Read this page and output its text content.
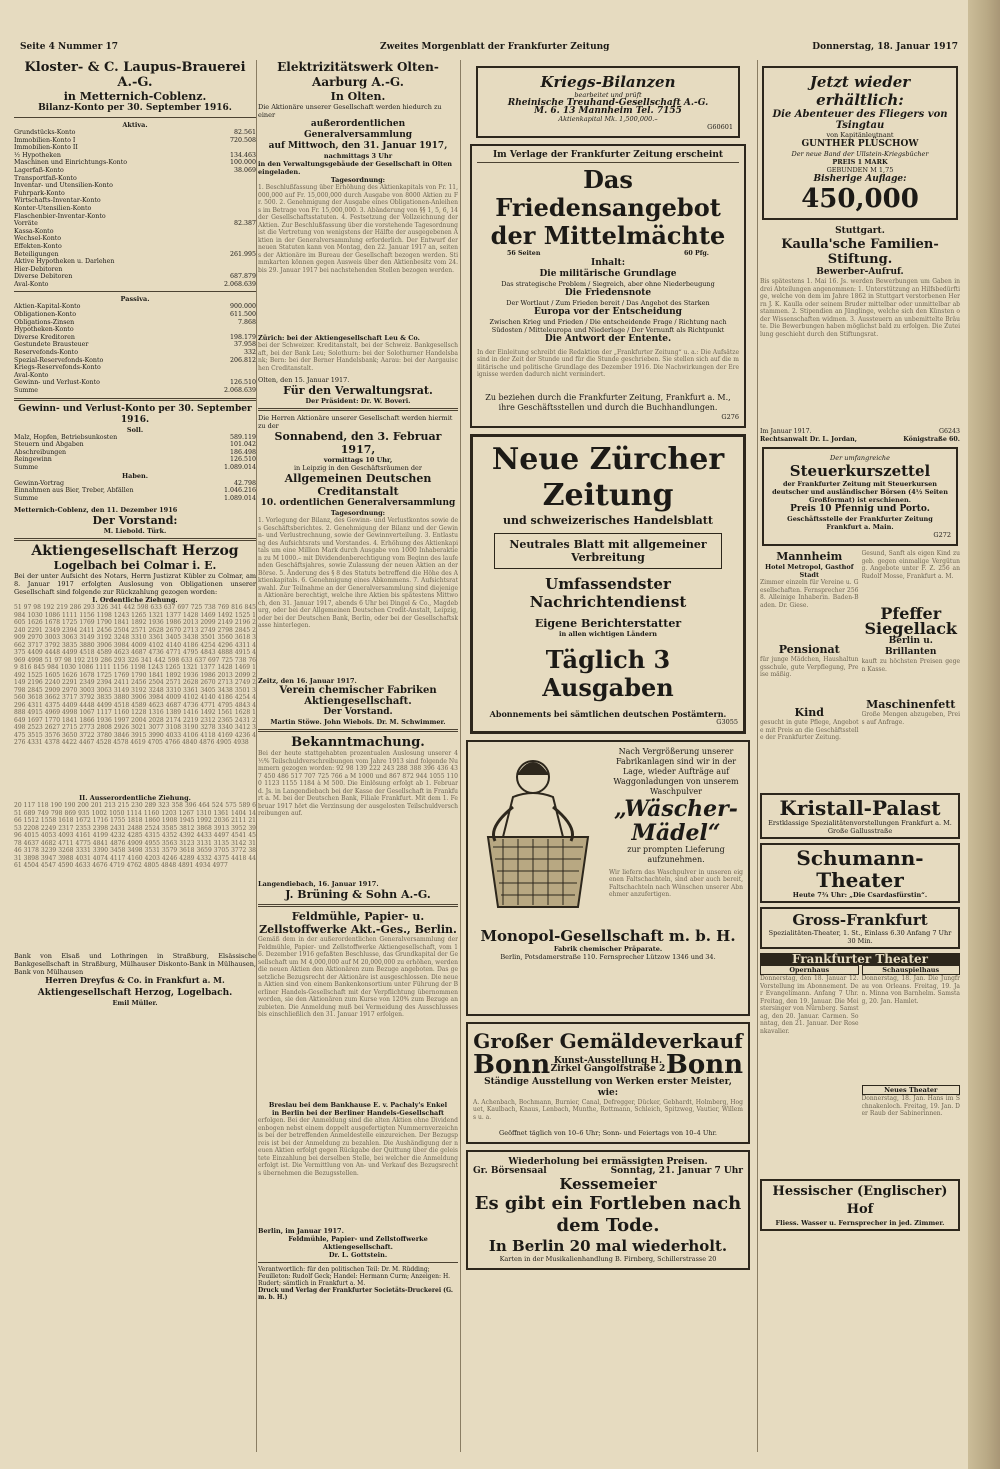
Seite 4 Nummer 17	Zweites Morgenblatt der Frankfurter Zeitung	Donnerstag, 18. Januar 1917
Kloster- & C. Laupus-Brauerei A.-G.
in Metternich-Coblenz.
Bilanz-Konto per 30. September 1916.
Aktiva.
Grundstücks-Konto	82.561
Immobilien-Konto I	720.508
Immobilien-Konto II
½ Hypotheken	134.463
Maschinen und Einrichtungs-Konto	100.000
Lagerfaß-Konto	38.069
Transportfaß-Konto
Inventar- und Utensilien-Konto
Fuhrpark-Konto
Wirtschafts-Inventar-Konto
Konter-Utensilien-Konto
Flaschenbier-Inventar-Konto
Vorräte	82.387
Kassa-Konto
Wechsel-Konto
Effekten-Konto
Beteiligungen	261.995
Aktive Hypotheken u. Darlehen
Hier-Debitoren
Diverse Debitoren	687.879
Aval-Konto	2.068.639
Passiva.
Aktien-Kapital-Konto	900.000
Obligationen-Konto	611.500
Obligations-Zinsen	7.868
Hypotheken-Konto
Diverse Kreditoren	198.179
Gestundete Brausteuer	37.958
Reservefonds-Konto	332
Spezial-Reservefonds-Konto	206.812
Kriegs-Reservefonds-Konto
Aval-Konto
Gewinn- und Verlust-Konto	126.510
Summe	2.068.639
Gewinn- und Verlust-Konto per 30. September 1916.
Soll.
Malz, Hopfen, Betriebsunkosten	589.119
Steuern und Abgaben	101.042
Abschreibungen	186.498
Reingewinn	126.510
Summe	1.089.014
Haben.
Gewinn-Vortrag	42.798
Einnahmen aus Bier, Treber, Abfällen	1.046.216
Summe	1.089.014
Metternich-Coblenz, den 11. Dezember 1916
Der Vorstand:
M. Liebold. Türk.
Aktiengesellschaft Herzog
Logelbach bei Colmar i. E.
Bei der unter Aufsicht des Notars, Herrn Justizrat Kübler zu Colmar, am 8. Januar 1917 erfolgten Auslosung von Obligationen unserer Gesellschaft sind folgende zur Rückzahlung gezogen worden:
I. Ordentliche Ziehung.
51 97 98 192 219 286 293 326 341 442 598 633 637 697 725 738 769 816 845 984 1030 1086 1111 1156 1198 1243 1265 1321 1377 1428 1469 1492 1525 1605 1626 1678 1725 1769 1790 1841 1892 1936 1986 2013 2099 2149 2196 2240 2291 2349 2394 2411 2456 2504 2571 2628 2670 2713 2749 2798 2845 2909 2970 3003 3063 3149 3192 3248 3310 3361 3405 3438 3501 3560 3618 3662 3717 3792 3835 3880 3906 3984 4009 4102 4140 4186 4254 4296 4311 4375 4409 4448 4499 4518 4589 4623 4687 4736 4771 4795 4843 4888 4915 4969 4998 51 97 98 192 219 286 293 326 341 442 598 633 637 697 725 738 769 816 845 984 1030 1086 1111 1156 1198 1243 1265 1321 1377 1428 1469 1492 1525 1605 1626 1678 1725 1769 1790 1841 1892 1936 1986 2013 2099 2149 2196 2240 2291 2349 2394 2411 2456 2504 2571 2628 2670 2713 2749 2798 2845 2909 2970 3003 3063 3149 3192 3248 3310 3361 3405 3438 3501 3560 3618 3662 3717 3792 3835 3880 3906 3984 4009 4102 4140 4186 4254 4296 4311 4375 4409 4448 4499 4518 4589 4623 4687 4736 4771 4795 4843 4888 4915 4969 4998 1067 1117 1160 1228 1316 1389 1416 1492 1561 1628 1649 1697 1770 1841 1866 1936 1997 2004 2028 2174 2219 2312 2365 2431 2498 2523 2627 2715 2773 2808 2926 3021 3077 3108 3190 3278 3340 3412 3475 3515 3576 3650 3722 3780 3846 3915 3990 4033 4106 4118 4169 4236 4276 4331 4378 4422 4467 4528 4578 4619 4705 4766 4840 4876 4905 4938
II. Ausserordentliche Ziehung.
20 117 118 190 190 200 201 213 215 230 289 323 358 396 464 524 575 589 651 689 749 798 869 935 1002 1050 1114 1160 1203 1267 1310 1361 1404 1466 1512 1558 1618 1672 1716 1755 1818 1860 1908 1945 1992 2036 2111 2153 2208 2249 2317 2353 2398 2431 2488 2524 3585 3812 3868 3913 3952 3996 4015 4053 4093 4161 4199 4232 4285 4315 4352 4392 4433 4497 4541 4578 4637 4682 4711 4775 4841 4876 4909 4955 3563 3123 3131 3135 3142 3146 3178 3239 3268 3331 3390 3458 3498 3531 3579 3618 3659 3705 3772 3831 3898 3947 3988 4031 4074 4117 4160 4203 4246 4289 4332 4375 4418 4461 4504 4547 4590 4633 4676 4719 4762 4805 4848 4891 4934 4977
Bank von Elsaß und Lothringen in Straßburg, Elsässische Bankgesellschaft in Straßburg, Mülhauser Diskonto-Bank in Mülhausen, Bank von Mülhausen
Herren Dreyfus & Co. in Frankfurt a. M.
Aktiengesellschaft Herzog, Logelbach.
Emil Müller.
Elektrizitätswerk Olten-Aarburg A.-G.
In Olten.
Die Aktionäre unserer Gesellschaft werden hiedurch zu einer
außerordentlichen Generalversammlung
auf Mittwoch, den 31. Januar 1917,
nachmittags 3 Uhr
in den Verwaltungsgebäude der Gesellschaft in Olten eingeladen.
Tagesordnung:
1. Beschlußfassung über Erhöhung des Aktienkapitals von Fr. 11,000,000 auf Fr. 15,000,000 durch Ausgabe von 8000 Aktien zu Fr. 500. 2. Genehmigung der Ausgabe eines Obligationen-Anleihens im Betrage von Fr. 15,000,000. 3. Abänderung von §§ 1, 5, 6, 14 der Gesellschaftsstatuten. 4. Festsetzung der Vollzeichnung der Aktien. Zur Beschlußfassung über die vorstehende Tagesordnung ist die Vertretung von wenigstens der Hälfte der ausgegebenen Aktien in der Generalversammlung erforderlich. Der Entwurf der neuen Statuten kann von Montag, den 22. Januar 1917 an, seitens der Aktionäre im Bureau der Gesellschaft bezogen werden. Stimmkarten können gegen Ausweis über den Aktienbesitz vom 24. bis 29. Januar 1917 bei nachstehenden Stellen bezogen werden.
Zürich: bei der Aktiengesellschaft Leu & Co.
bei der Schweizer. Kreditanstalt, bei der Schweiz. Bankgesellschaft, bei der Bank Leu; Solothurn: bei der Solothurner Handelsbank; Bern: bei der Berner Handelsbank; Aarau: bei der Aargauischen Creditanstalt.
Olten, den 15. Januar 1917.
Für den Verwaltungsrat.
Der Präsident: Dr. W. Boveri.
Die Herren Aktionäre unserer Gesellschaft werden hiermit zu der
Sonnabend, den 3. Februar 1917,
vormittags 10 Uhr,
in Leipzig in den Geschäftsräumen der
Allgemeinen Deutschen Creditanstalt
10. ordentlichen Generalversammlung
Tagesordnung:
1. Vorlegung der Bilanz, des Gewinn- und Verlustkontos sowie des Geschäftsberichtes. 2. Genehmigung der Bilanz und der Gewinn- und Verlustrechnung, sowie der Gewinnverteilung. 3. Entlastung des Aufsichtsrats und Vorstandes. 4. Erhöhung des Aktienkapitals um eine Million Mark durch Ausgabe von 1000 Inhaberaktien zu M 1000.– mit Dividendenberechtigung vom Beginn des laufenden Geschäftsjahres, sowie Zulassung der neuen Aktien an der Börse. 5. Änderung des § 8 des Statuts betreffend die Höhe des Aktienkapitals. 6. Genehmigung eines Abkommens. 7. Aufsichtsratswahl. Zur Teilnahme an der Generalversammlung sind diejenigen Aktionäre berechtigt, welche ihre Aktien bis spätestens Mittwoch, den 31. Januar 1917, abends 6 Uhr bei Dingel & Co., Magdeburg, oder bei der Allgemeinen Deutschen Credit-Anstalt, Leipzig, oder bei der Deutschen Bank, Berlin, oder bei der Gesellschaftskasse hinterlegen.
Zeitz, den 16. Januar 1917.
Verein chemischer Fabriken Aktiengesellschaft.
Der Vorstand.
Martin Stöwe. John Wiebols. Dr. M. Schwimmer.
Bekanntmachung.
Bei der heute stattgehabten prozentualen Auslosung unserer 4½% Teilschuldverschreibungen vom Jahre 1913 sind folgende Nummern gezogen worden: 92 98 139 222 243 288 388 396 436 437 450 486 517 707 725 766 a M 1000 und 867 872 944 1055 1100 1123 1155 1184 à M 500. Die Einlösung erfolgt ab 1. Februar d. Js. in Langendiebach bei der Kasse der Gesellschaft in Frankfurt a. M. bei der Deutschen Bank, Filiale Frankfurt. Mit dem 1. Februar 1917 hört die Verzinsung der ausgelosten Teilschuldverschreibungen auf.
Langendiebach, 16. Januar 1917.
J. Brüning & Sohn A.-G.
Feldmühle, Papier- u. Zellstoffwerke Akt.-Ges., Berlin.
Gemäß dem in der außerordentlichen Generalversammlung der Feldmühle, Papier- und Zellstoffwerke Aktiengesellschaft, vom 16. Dezember 1916 gefaßten Beschlusse, das Grundkapital der Gesellschaft um M 4,000,000 auf M 20,000,000 zu erhöhen, werden die neuen Aktien den Aktionären zum Bezuge angeboten. Das gesetzliche Bezugsrecht der Aktionäre ist ausgeschlossen. Die neuen Aktien sind von einem Bankenkonsortium unter Führung der Berliner Handels-Gesellschaft mit der Verpflichtung übernommen worden, sie den Aktionären zum Kurse von 120% zum Bezuge anzubieten. Die Anmeldung muß bei Vermeidung des Ausschlusses bis einschließlich den 31. Januar 1917 erfolgen.
Breslau bei dem Bankhause E. v. Pachaly's Enkel
in Berlin bei der Berliner Handels-Gesellschaft
erfolgen. Bei der Anmeldung sind die alten Aktien ohne Dividendenbogen nebst einem doppelt ausgefertigten Nummernverzeichnis bei der betreffenden Anmeldestelle einzureichen. Der Bezugspreis ist bei der Anmeldung zu bezahlen. Die Aushändigung der neuen Aktien erfolgt gegen Rückgabe der Quittung über die geleistete Einzahlung bei derselben Stelle, bei welcher die Anmeldung erfolgt ist. Die Vermittlung von An- und Verkauf des Bezugsrechts übernehmen die Bezugsstellen.
Berlin, im Januar 1917.
Feldmühle, Papier- und Zellstoffwerke Aktiengesellschaft.
Dr. L. Gottstein.
Verantwortlich: für den politischen Teil: Dr. M. Rüdding; Feuilleton: Rudolf Geck; Handel: Hermann Curm; Anzeigen: H. Rudert; sämtlich in Frankfurt a. M.
Druck und Verlag der Frankfurter Societäts-Druckerei (G. m. b. H.)
Kriegs-Bilanzen
bearbeitet und prüft
Rheinische Treuhand-Gesellschaft A.-G.
M. 6. 13 Mannheim Tel. 7155
Aktienkapital Mk. 1,500,000.–
G60601
Im Verlage der Frankfurter Zeitung erscheint
Das Friedensangebot
der Mittelmächte
56 Seiten	60 Pfg.
Inhalt:
Die militärische Grundlage
Das strategische Problem / Siegreich, aber ohne Niederbeugung
Die Friedensnote
Der Wortlaut / Zum Frieden bereit / Das Angebot des Starken
Europa vor der Entscheidung
Zwischen Krieg und Frieden / Die entscheidende Frage / Richtung nach Südosten / Mitteleuropa und Niederlage / Der Vernunft als Richtpunkt
Die Antwort der Entente.
In der Einleitung schreibt die Redaktion der „Frankfurter Zeitung“ u. a.: Die Aufsätze sind in der Zeit der Stunde und für die Stunde geschrieben. Sie stellen sich auf die militärische und politische Grundlage des Dezember 1916. Die Nachwirkungen der Ereignisse werden dadurch nicht vermindert.
Zu beziehen durch die Frankfurter Zeitung, Frankfurt a. M., ihre Geschäftsstellen und durch die Buchhandlungen.
G276
Neue Zürcher Zeitung
und schweizerisches Handelsblatt
Neutrales Blatt mit allgemeiner Verbreitung
Umfassendster Nachrichtendienst
Eigene Berichterstatter
in allen wichtigen Ländern
Täglich 3 Ausgaben
Abonnements bei sämtlichen deutschen Postämtern.
G3055
Nach Vergrößerung unserer Fabrikanlagen sind wir in der Lage, wieder Aufträge auf Waggonladungen von unserem Waschpulver
„Wäscher-Mädel“
zur prompten Lieferung aufzunehmen.
Wir liefern das Waschpulver in unseren eigenen Faltschachteln, sind aber auch bereit, Faltschachteln nach Wünschen unserer Abnehmer anzufertigen.
Monopol-Gesellschaft m. b. H.
Fabrik chemischer Präparate.
Berlin, Potsdamerstraße 110. Fernsprecher Lützow 1346 und 34.
Großer Gemäldeverkauf
Bonn Kunst-Ausstellung H. Zirkel Gangolfstraße 2 Bonn
Ständige Ausstellung von Werken erster Meister, wie:
A. Achenbach, Bochmann, Burnier, Canal, Defregger, Dücker, Gebhardt, Holmberg, Hoguet, Kaulbach, Knaus, Lenbach, Munthe, Rottmann, Schleich, Spitzweg, Vautier, Willems u. a.
Geöffnet täglich von 10–6 Uhr; Sonn- und Feiertags von 10–4 Uhr.
Wiederholung bei ermässigten Preisen.
Gr. Börsensaal	Sonntag, 21. Januar 7 Uhr
Kessemeier
Es gibt ein Fortleben nach dem Tode.
In Berlin 20 mal wiederholt.
Karten in der Musikalienhandlung B. Firnberg, Schillerstrasse 20
Jetzt wieder erhältlich:
Die Abenteuer des Fliegers von Tsingtau
von Kapitänleutnant
GUNTHER PLÜSCHOW
Der neue Band der Ullstein-Kriegsbücher
PREIS 1 MARK
GEBUNDEN M 1,75
Bisherige Auflage:
450,000
Stuttgart.
Kaulla'sche Familien-Stiftung.
Bewerber-Aufruf.
Bis spätestens 1. Mai 16. Js. werden Bewerbungen um Gaben in drei Abteilungen angenommen: 1. Unterstützung an Hilfsbedürftige, welche von dem im Jahre 1862 in Stuttgart verstorbenen Herrn J. K. Kaulla oder seinem Bruder mittelbar oder unmittelbar abstammen. 2. Stipendien an Jünglinge, welche sich den Künsten oder Wissenschaften widmen. 3. Aussteuern an unbemittelte Bräute. Die Bewerbungen haben möglichst bald zu erfolgen. Die Zuteilung geschieht durch den Stiftungsrat.
Im Januar 1917.	G6243
Rechtsanwalt Dr. L. Jordan,	Königstraße 60.
Der umfangreiche
Steuerkurszettel
der Frankfurter Zeitung mit Steuerkursen deutscher und ausländischer Börsen (4½ Seiten Großformat) ist erschienen.
Preis 10 Pfennig und Porto.
Geschäftsstelle der Frankfurter Zeitung Frankfurt a. Main.
G272
Mannheim
Hotel Metropol, Gasthof Stadt
Zimmer einzeln für Vereine u. Gesellschaften. Fernsprecher 2568. Alleinige Inhaberin. Baden-Baden. Dr. Giese.
Pensionat
für junge Mädchen, Haushaltungsschule, gute Verpflegung, Preise mäßig.
Kind
gesucht in gute Pflege, Angebote mit Preis an die Geschäftsstelle der Frankfurter Zeitung.
Gesund, Sanft als eigen Kind zu geb. gegen einmalige Vergütung. Angebote unter F. Z. 256 an Rudolf Mosse, Frankfurt a. M.
Pfeffer
Siegellack
Berlin u. Brillanten
kauft zu höchsten Preisen gegen Kasse.
Maschinenfett
Große Mengen abzugeben, Preis auf Anfrage.
Kristall-Palast
Erstklassige Spezialitätenvorstellungen Frankfurt a. M. Große Gallusstraße
Schumann-Theater
Heute 7¾ Uhr: „Die Csardasfürstin“.
Gross-Frankfurt
Spezialitäten-Theater, 1. St., Einlass 6.30 Anfang 7 Uhr 30 Min.
Frankfurter Theater
Opernhaus
Donnerstag, den 18. Januar 12. Vorstellung im Abonnement. Der Evangelimann. Anfang 7 Uhr. Freitag, den 19. Januar. Die Meistersinger von Nürnberg. Samstag, den 20. Januar. Carmen. Sonntag, den 21. Januar. Der Rosenkavalier.
Schauspielhaus
Donnerstag, 18. Jan. Die Jungfrau von Orleans. Freitag, 19. Jan. Minna von Barnhelm. Samstag, 20. Jan. Hamlet.
Neues Theater
Donnerstag, 18. Jan. Hans im Schnakenloch. Freitag, 19. Jan. Der Raub der Sabinerinnen.
Hessischer (Englischer) Hof
Fliess. Wasser u. Fernsprecher in jed. Zimmer.
